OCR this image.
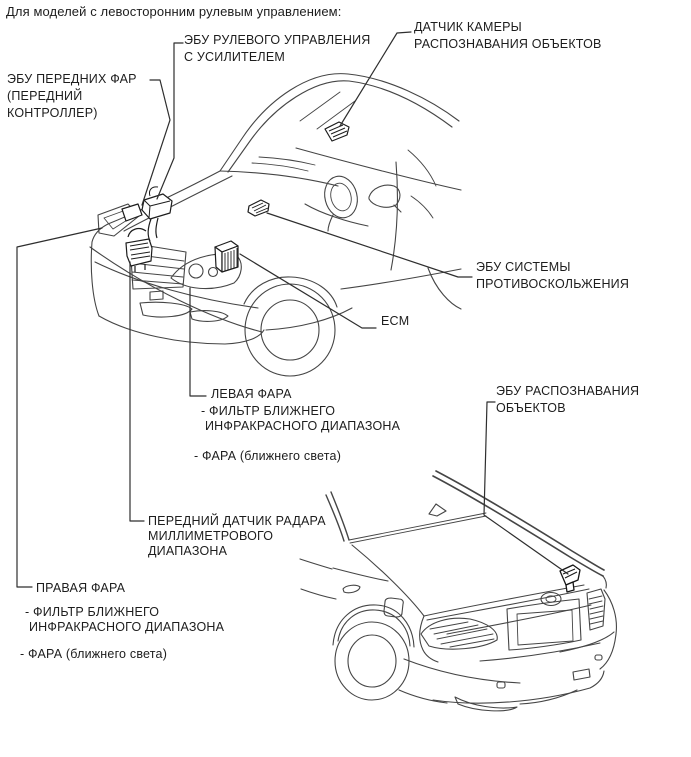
Для моделей с левосторонним рулевым управлением:
ЭБУ РУЛЕВОГО УПРАВЛЕНИЯ
С УСИЛИТЕЛЕМ
ДАТЧИК КАМЕРЫ
РАСПОЗНАВАНИЯ ОБЪЕКТОВ
ЭБУ ПЕРЕДНИХ ФАР
(ПЕРЕДНИЙ
КОНТРОЛЛЕР)
ЭБУ СИСТЕМЫ
ПРОТИВОСКОЛЬЖЕНИЯ
ECM
ЛЕВАЯ ФАРА
- ФИЛЬТР БЛИЖНЕГО
ИНФРАКРАСНОГО ДИАПАЗОНА
- ФАРА (ближнего света)
ЭБУ РАСПОЗНАВАНИЯ
ОБЪЕКТОВ
ПЕРЕДНИЙ ДАТЧИК РАДАРА
МИЛЛИМЕТРОВОГО
ДИАПАЗОНА
ПРАВАЯ ФАРА
- ФИЛЬТР БЛИЖНЕГО
ИНФРАКРАСНОГО ДИАПАЗОНА
- ФАРА (ближнего света)
